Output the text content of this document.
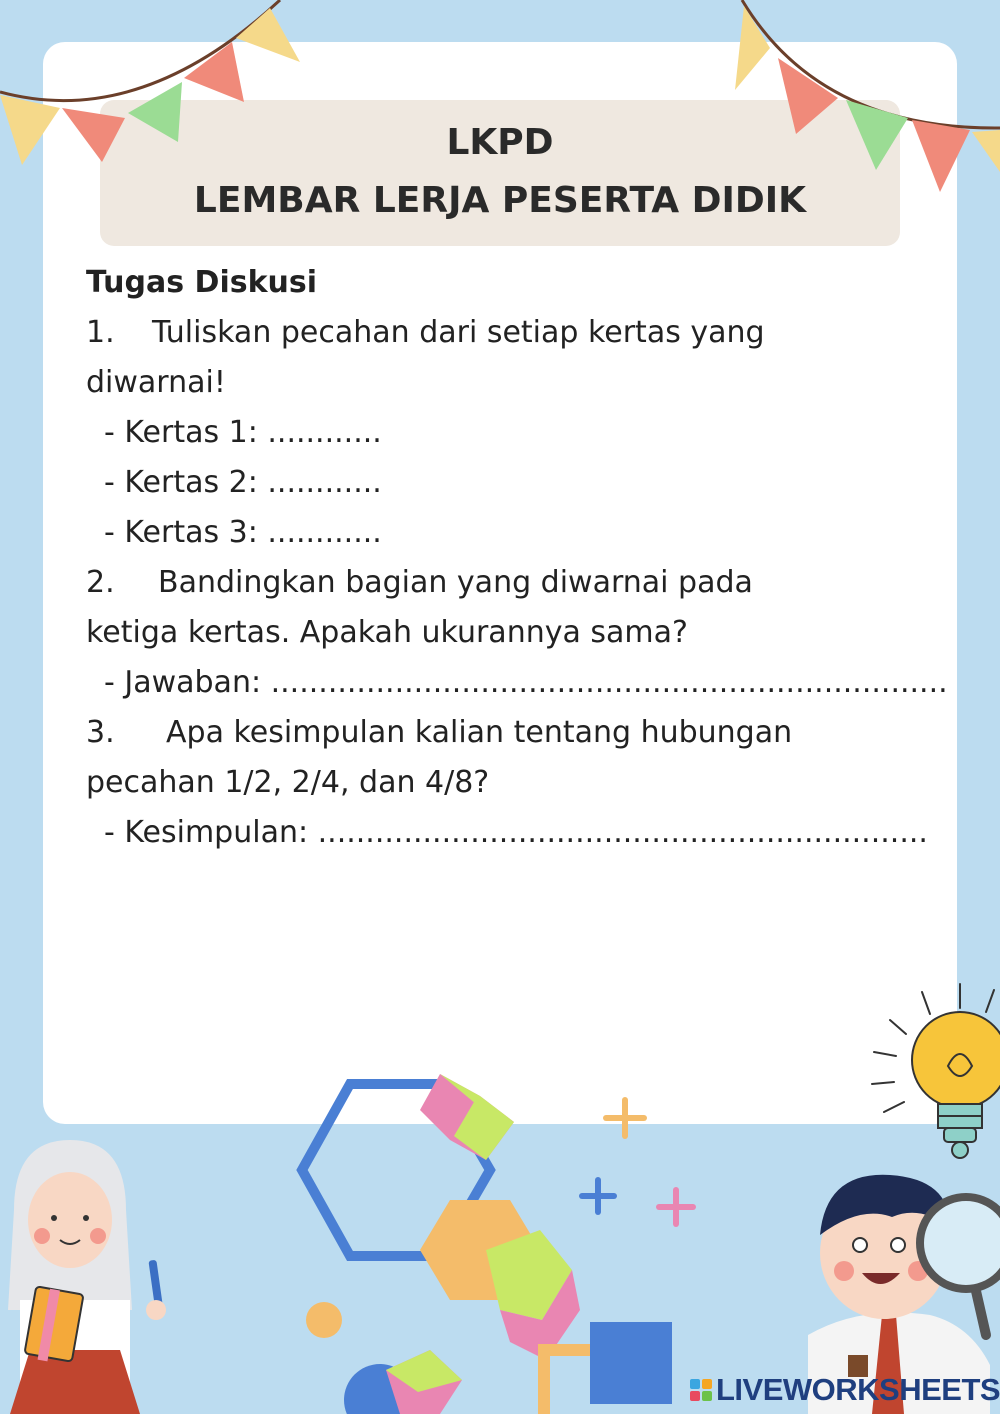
LKPD
LEMBAR LERJA PESERTA DIDIK
Tugas Diskusi
1. Tuliskan pecahan dari setiap kertas yang
diwarnai!
- Kertas 1: ............
- Kertas 2: ............
- Kertas 3: ............
2. Bandingkan bagian yang diwarnai pada
ketiga kertas. Apakah ukurannya sama?
- Jawaban: .......................................................................
3. Apa kesimpulan kalian tentang hubungan
pecahan 1/2, 2/4, dan 4/8?
- Kesimpulan: ................................................................
LIVEWORKSHEETS
